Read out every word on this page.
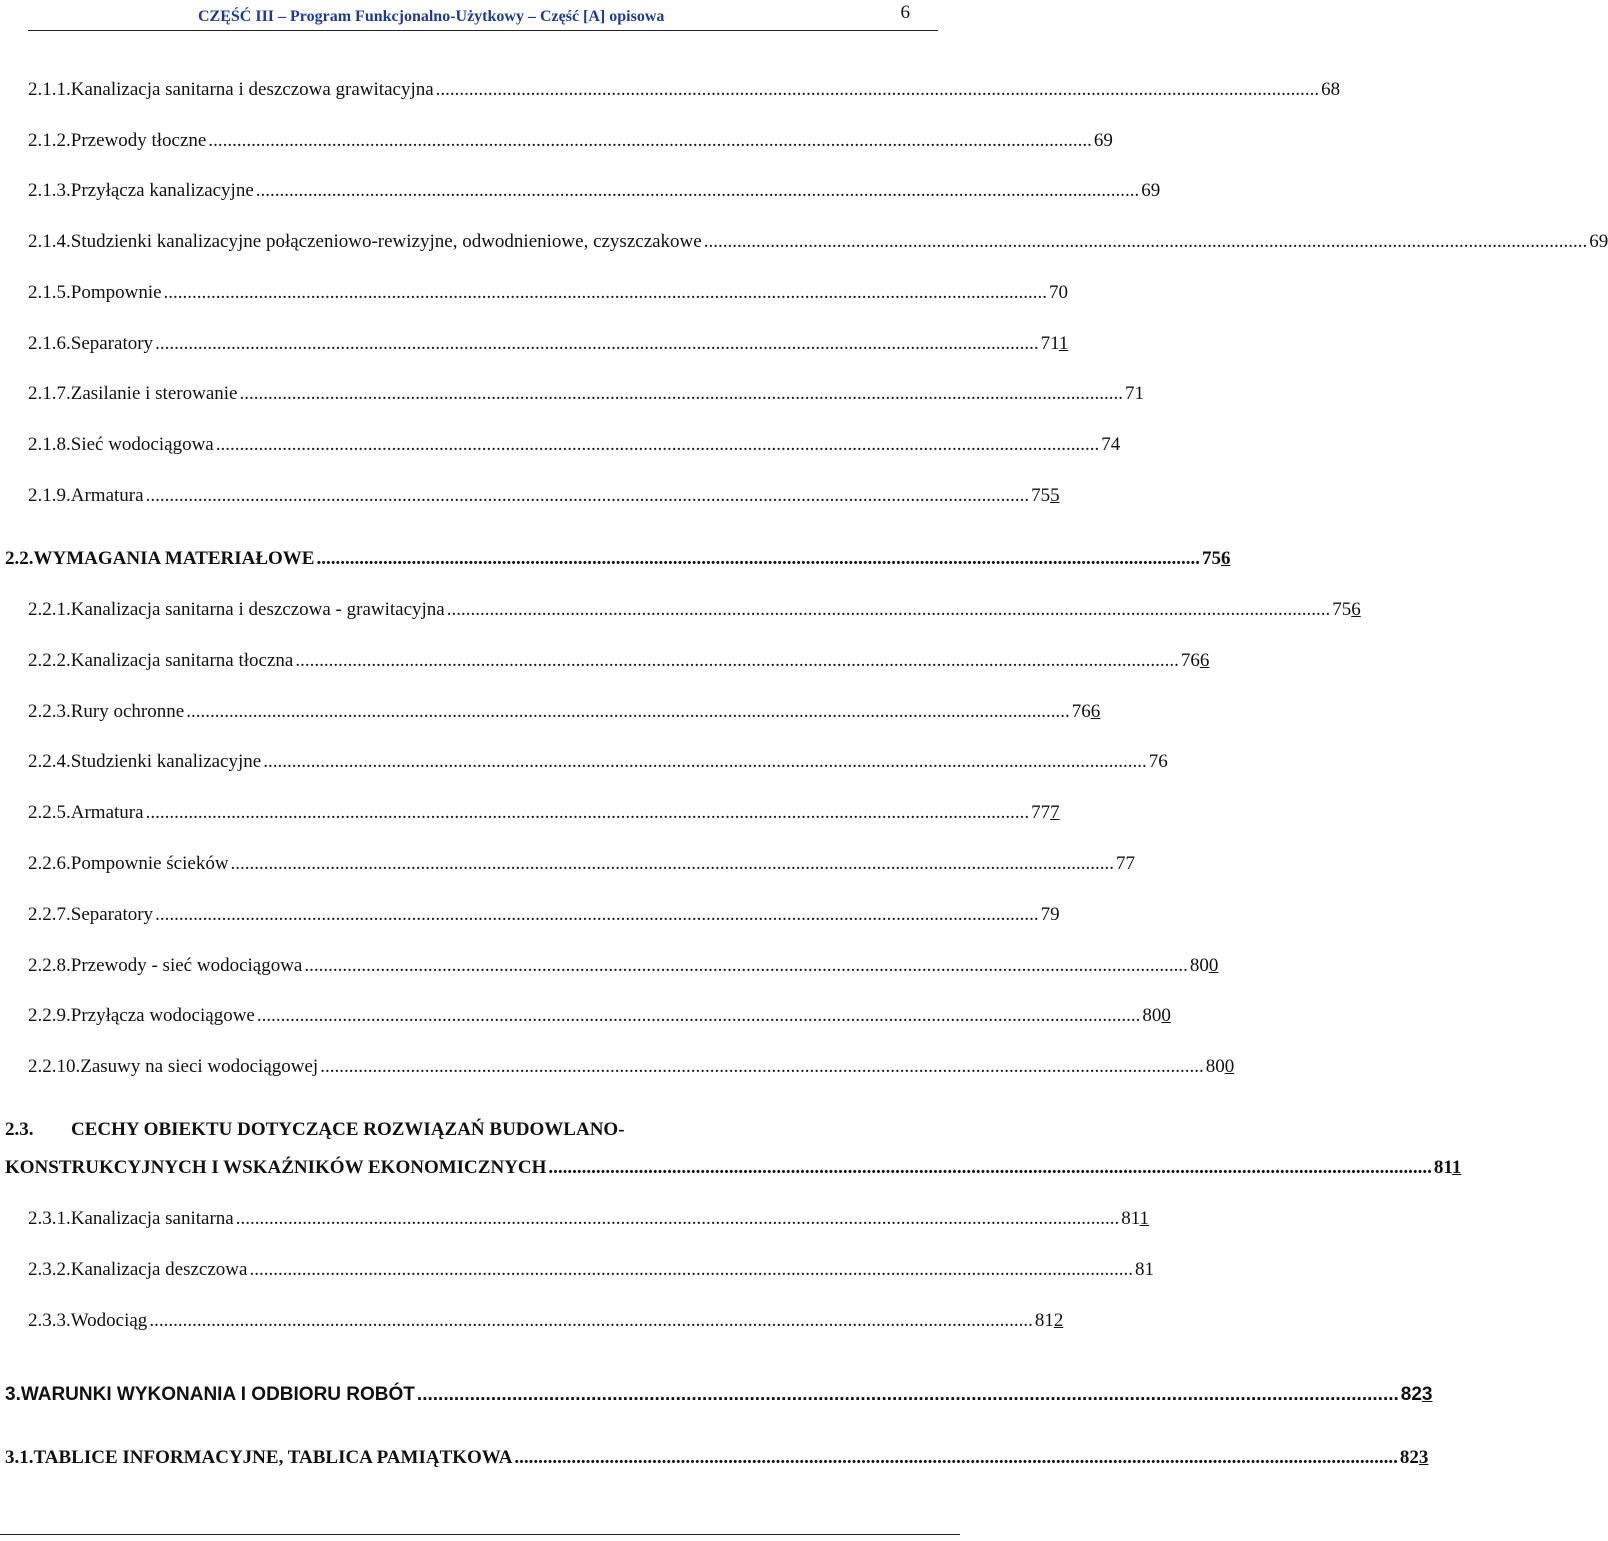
CZĘŚĆ III – Program Funkcjonalno-Użytkowy – Część [A] opisowa	6
2.1.1. Kanalizacja sanitarna i deszczowa grawitacyjna .......................................................................................................................................................................................... 68
2.1.2. Przewody tłoczne .......................................................................................................................................................................................... 69
2.1.3. Przyłącza kanalizacyjne .......................................................................................................................................................................................... 69
2.1.4. Studzienki kanalizacyjne połączeniowo-rewizyjne, odwodnieniowe, czyszczakowe .......................................................................................................................................................................................... 69
2.1.5. Pompownie .......................................................................................................................................................................................... 70
2.1.6. Separatory .......................................................................................................................................................................................... 711
2.1.7. Zasilanie i sterowanie .......................................................................................................................................................................................... 71
2.1.8. Sieć wodociągowa .......................................................................................................................................................................................... 74
2.1.9. Armatura .......................................................................................................................................................................................... 755
2.2. WYMAGANIA MATERIAŁOWE .......................................................................................................................................................................................... 756
2.2.1. Kanalizacja sanitarna i deszczowa - grawitacyjna .......................................................................................................................................................................................... 756
2.2.2. Kanalizacja sanitarna tłoczna .......................................................................................................................................................................................... 766
2.2.3. Rury ochronne .......................................................................................................................................................................................... 766
2.2.4. Studzienki kanalizacyjne .......................................................................................................................................................................................... 76
2.2.5. Armatura .......................................................................................................................................................................................... 777
2.2.6. Pompownie ścieków .......................................................................................................................................................................................... 77
2.2.7. Separatory .......................................................................................................................................................................................... 79
2.2.8. Przewody - sieć wodociągowa .......................................................................................................................................................................................... 800
2.2.9. Przyłącza wodociągowe .......................................................................................................................................................................................... 800
2.2.10. Zasuwy na sieci wodociągowej .......................................................................................................................................................................................... 800
2.3. CECHY OBIEKTU DOTYCZĄCE ROZWIĄZAŃ BUDOWLANO-
KONSTRUKCYJNYCH I WSKAŹNIKÓW EKONOMICZNYCH .......................................................................................................................................................................................... 811
2.3.1. Kanalizacja sanitarna .......................................................................................................................................................................................... 811
2.3.2. Kanalizacja deszczowa .......................................................................................................................................................................................... 81
2.3.3. Wodociąg .......................................................................................................................................................................................... 812
3. WARUNKI WYKONANIA I ODBIORU ROBÓT .......................................................................................................................................................................................... 823
3.1. TABLICE INFORMACYJNE, TABLICA PAMIĄTKOWA .......................................................................................................................................................................................... 823
